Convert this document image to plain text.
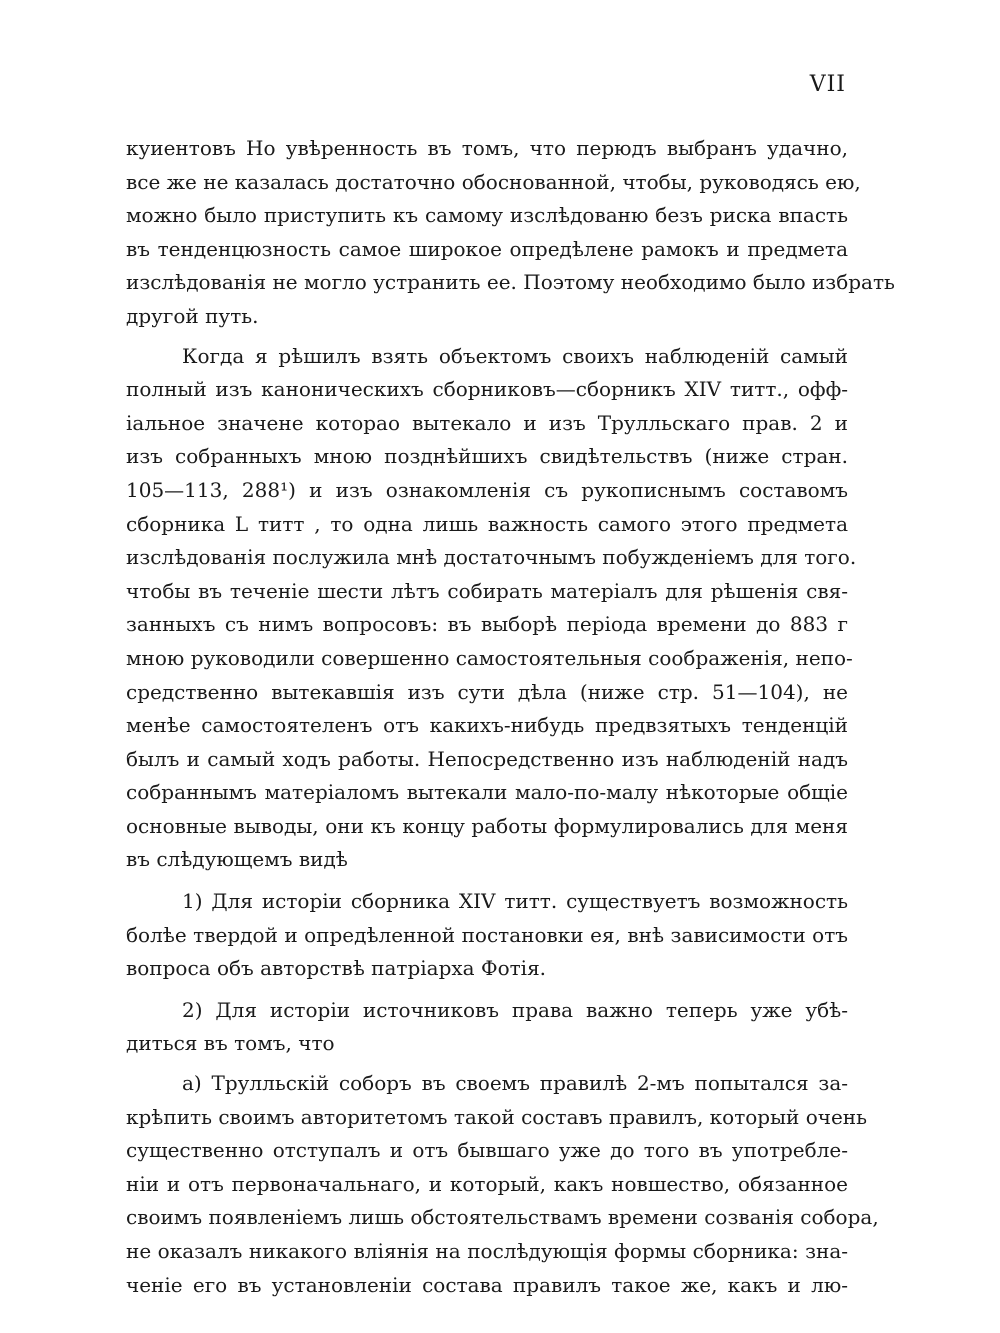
VII
куиентовъ Но увѣренность въ томъ, что перюдъ выбранъ удачно,
все же не казалась достаточно обоснованной, чтобы, руководясь ею,
можно было приступить къ самому изслѣдованю безъ риска впасть
въ тенденцюзность самое широкое опредѣлене рамокъ и предмета
изслѣдованія не могло устранить ее. Поэтому необходимо было избрать
другой путь.
Когда я рѣшилъ взять объектомъ своихъ наблюденій самый
полный изъ каноническихъ сборниковъ—сборникъ XIV титт., офф-
іальное значене которао вытекало и изъ Трулльскаго прав. 2 и
изъ собранныхъ мною позднѣйшихъ свидѣтельствъ (ниже стран.
105—113, 288¹) и изъ ознакомленія съ рукописнымъ составомъ
сборника L титт , то одна лишь важность самого этого предмета
изслѣдованія послужила мнѣ достаточнымъ побужденіемъ для того.
чтобы въ теченіе шести лѣтъ собирать матеріалъ для рѣшенія свя-
занныхъ съ нимъ вопросовъ: въ выборѣ періода времени до 883 г
мною руководили совершенно самостоятельныя соображенія, непо-
средственно вытекавшія изъ сути дѣла (ниже стр. 51—104), не
менѣе самостоятеленъ отъ какихъ-нибудь предвзятыхъ тенденцій
былъ и самый ходъ работы. Непосредственно изъ наблюденій надъ
собраннымъ матеріаломъ вытекали мало-по-малу нѣкоторые общіе
основные выводы, они къ концу работы формулировались для меня
въ слѣдующемъ видѣ
1) Для исторіи сборника XIV титт. существуетъ возможность
болѣе твердой и опредѣленной постановки ея, внѣ зависимости отъ
вопроса объ авторствѣ патріарха Фотія.
2) Для исторіи источниковъ права важно теперь уже убѣ-
диться въ томъ, что
а) Трулльскій соборъ въ своемъ правилѣ 2-мъ попытался за-
крѣпить своимъ авторитетомъ такой составъ правилъ, который очень
существенно отступалъ и отъ бывшаго уже до того въ употребле-
ніи и отъ первоначальнаго, и который, какъ новшество, обязанное
своимъ появленіемъ лишь обстоятельствамъ времени созванія собора,
не оказалъ никакого вліянія на послѣдующія формы сборника: зна-
ченіе его въ установленіи состава правилъ такое же, какъ и лю-
